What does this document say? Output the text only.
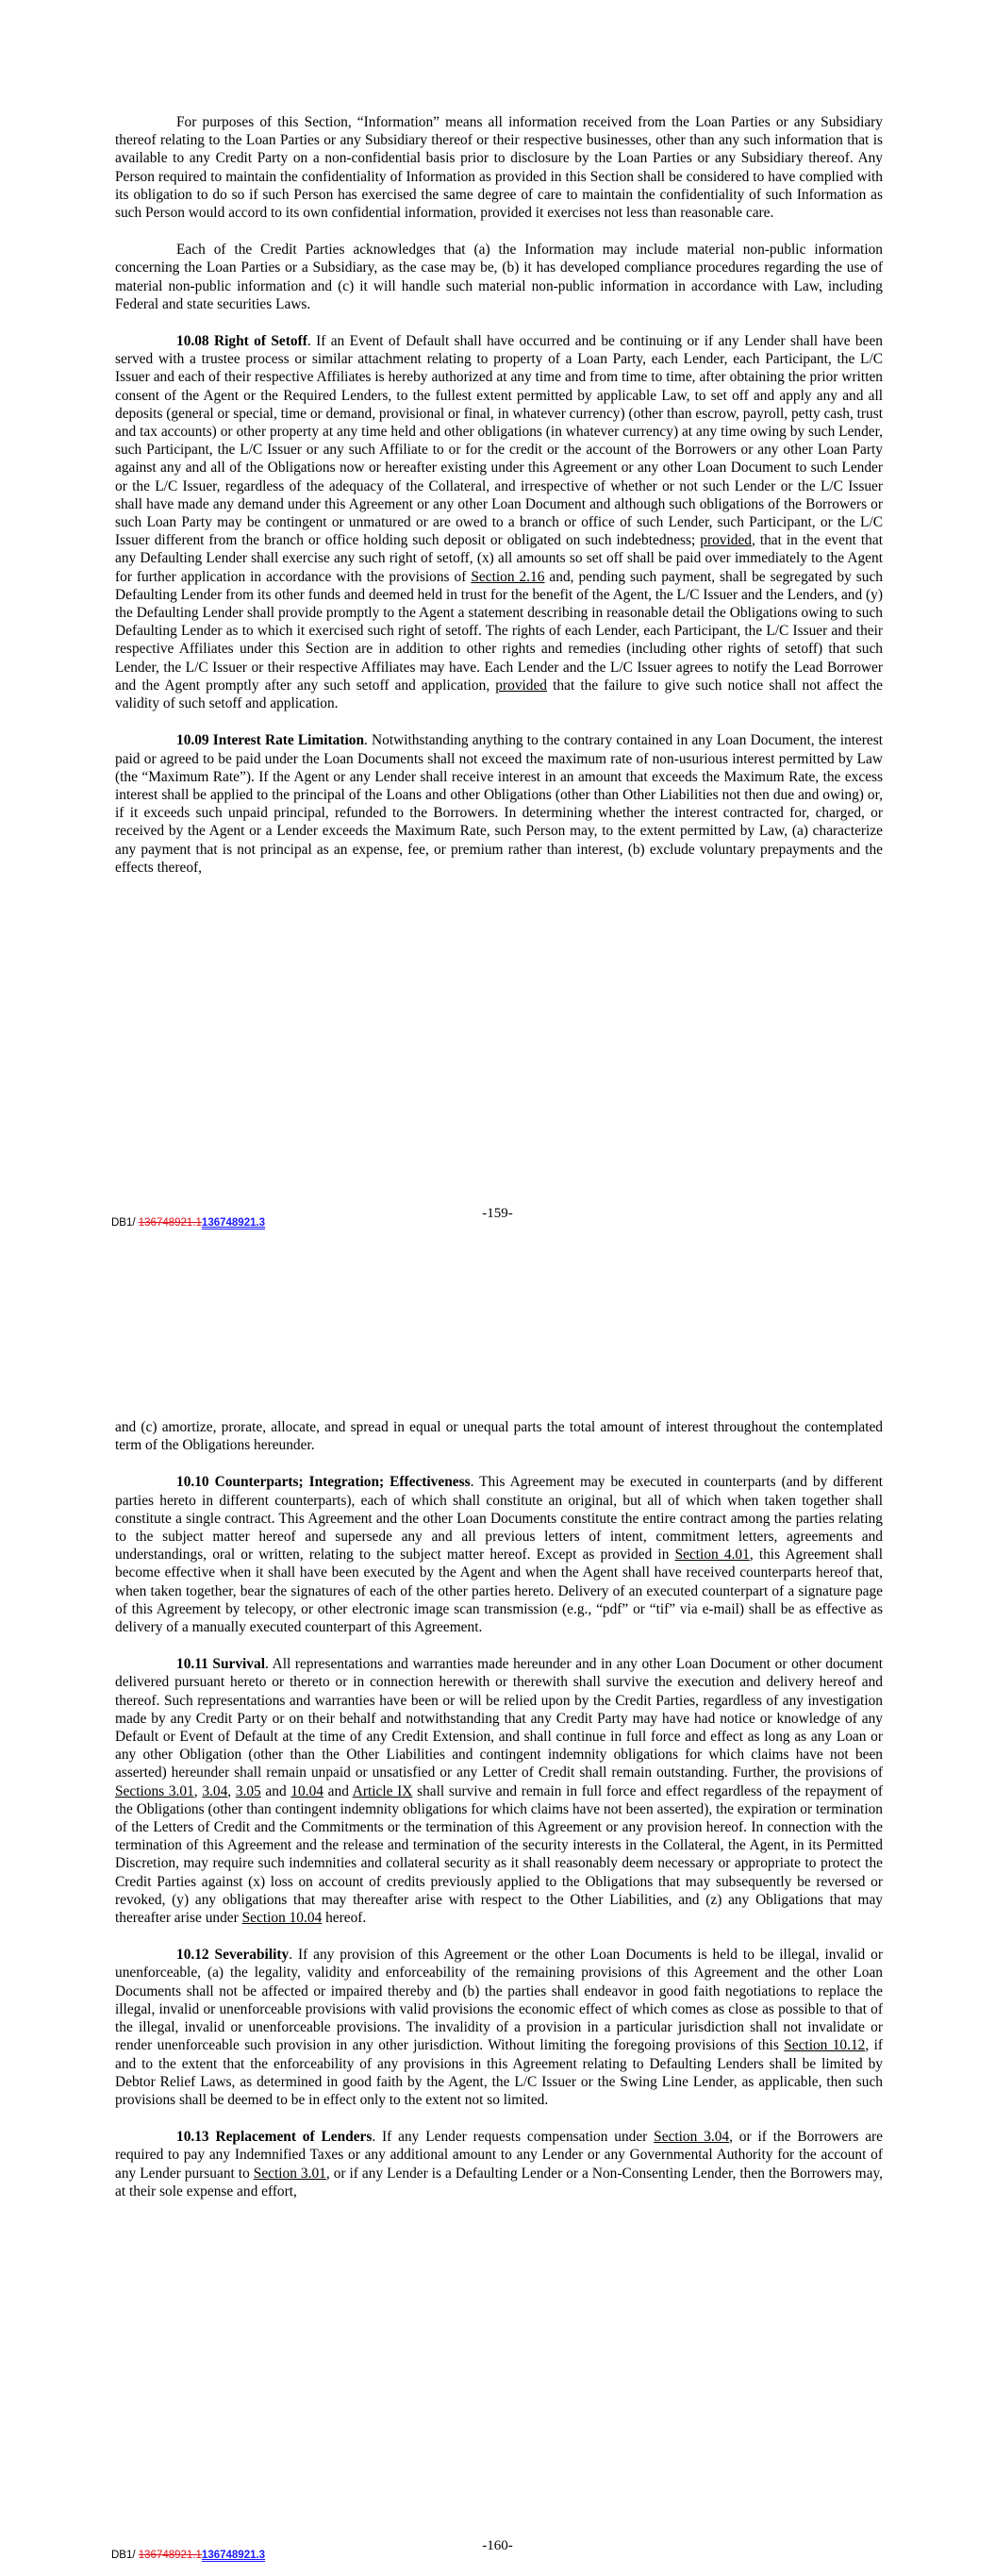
For purposes of this Section, “Information” means all information received from the Loan Parties or any Subsidiary thereof relating to the Loan Parties or any Subsidiary thereof or their respective businesses, other than any such information that is available to any Credit Party on a non-confidential basis prior to disclosure by the Loan Parties or any Subsidiary thereof. Any Person required to maintain the confidentiality of Information as provided in this Section shall be considered to have complied with its obligation to do so if such Person has exercised the same degree of care to maintain the confidentiality of such Information as such Person would accord to its own confidential information, provided it exercises not less than reasonable care.

Each of the Credit Parties acknowledges that (a) the Information may include material non-public information concerning the Loan Parties or a Subsidiary, as the case may be, (b) it has developed compliance procedures regarding the use of material non-public information and (c) it will handle such material non-public information in accordance with Law, including Federal and state securities Laws.

10.08 Right of Setoff. If an Event of Default shall have occurred and be continuing or if any Lender shall have been served with a trustee process or similar attachment relating to property of a Loan Party, each Lender, each Participant, the L/C Issuer and each of their respective Affiliates is hereby authorized at any time and from time to time, after obtaining the prior written consent of the Agent or the Required Lenders, to the fullest extent permitted by applicable Law, to set off and apply any and all deposits (general or special, time or demand, provisional or final, in whatever currency) (other than escrow, payroll, petty cash, trust and tax accounts) or other property at any time held and other obligations (in whatever currency) at any time owing by such Lender, such Participant, the L/C Issuer or any such Affiliate to or for the credit or the account of the Borrowers or any other Loan Party against any and all of the Obligations now or hereafter existing under this Agreement or any other Loan Document to such Lender or the L/C Issuer, regardless of the adequacy of the Collateral, and irrespective of whether or not such Lender or the L/C Issuer shall have made any demand under this Agreement or any other Loan Document and although such obligations of the Borrowers or such Loan Party may be contingent or unmatured or are owed to a branch or office of such Lender, such Participant, or the L/C Issuer different from the branch or office holding such deposit or obligated on such indebtedness; provided, that in the event that any Defaulting Lender shall exercise any such right of setoff, (x) all amounts so set off shall be paid over immediately to the Agent for further application in accordance with the provisions of Section 2.16 and, pending such payment, shall be segregated by such Defaulting Lender from its other funds and deemed held in trust for the benefit of the Agent, the L/C Issuer and the Lenders, and (y) the Defaulting Lender shall provide promptly to the Agent a statement describing in reasonable detail the Obligations owing to such Defaulting Lender as to which it exercised such right of setoff. The rights of each Lender, each Participant, the L/C Issuer and their respective Affiliates under this Section are in addition to other rights and remedies (including other rights of setoff) that such Lender, the L/C Issuer or their respective Affiliates may have. Each Lender and the L/C Issuer agrees to notify the Lead Borrower and the Agent promptly after any such setoff and application, provided that the failure to give such notice shall not affect the validity of such setoff and application.

10.09 Interest Rate Limitation. Notwithstanding anything to the contrary contained in any Loan Document, the interest paid or agreed to be paid under the Loan Documents shall not exceed the maximum rate of non-usurious interest permitted by Law (the “Maximum Rate”). If the Agent or any Lender shall receive interest in an amount that exceeds the Maximum Rate, the excess interest shall be applied to the principal of the Loans and other Obligations (other than Other Liabilities not then due and owing) or, if it exceeds such unpaid principal, refunded to the Borrowers. In determining whether the interest contracted for, charged, or received by the Agent or a Lender exceeds the Maximum Rate, such Person may, to the extent permitted by Law, (a) characterize any payment that is not principal as an expense, fee, or premium rather than interest, (b) exclude voluntary prepayments and the effects thereof,

DB1/ 136748921.1136748921.3
-159-

and (c) amortize, prorate, allocate, and spread in equal or unequal parts the total amount of interest throughout the contemplated term of the Obligations hereunder.

10.10 Counterparts; Integration; Effectiveness. This Agreement may be executed in counterparts (and by different parties hereto in different counterparts), each of which shall constitute an original, but all of which when taken together shall constitute a single contract. This Agreement and the other Loan Documents constitute the entire contract among the parties relating to the subject matter hereof and supersede any and all previous letters of intent, commitment letters, agreements and understandings, oral or written, relating to the subject matter hereof. Except as provided in Section 4.01, this Agreement shall become effective when it shall have been executed by the Agent and when the Agent shall have received counterparts hereof that, when taken together, bear the signatures of each of the other parties hereto. Delivery of an executed counterpart of a signature page of this Agreement by telecopy, or other electronic image scan transmission (e.g., “pdf” or “tif” via e-mail) shall be as effective as delivery of a manually executed counterpart of this Agreement.

10.11 Survival. All representations and warranties made hereunder and in any other Loan Document or other document delivered pursuant hereto or thereto or in connection herewith or therewith shall survive the execution and delivery hereof and thereof. Such representations and warranties have been or will be relied upon by the Credit Parties, regardless of any investigation made by any Credit Party or on their behalf and notwithstanding that any Credit Party may have had notice or knowledge of any Default or Event of Default at the time of any Credit Extension, and shall continue in full force and effect as long as any Loan or any other Obligation (other than the Other Liabilities and contingent indemnity obligations for which claims have not been asserted) hereunder shall remain unpaid or unsatisfied or any Letter of Credit shall remain outstanding. Further, the provisions of Sections 3.01, 3.04, 3.05 and 10.04 and Article IX shall survive and remain in full force and effect regardless of the repayment of the Obligations (other than contingent indemnity obligations for which claims have not been asserted), the expiration or termination of the Letters of Credit and the Commitments or the termination of this Agreement or any provision hereof. In connection with the termination of this Agreement and the release and termination of the security interests in the Collateral, the Agent, in its Permitted Discretion, may require such indemnities and collateral security as it shall reasonably deem necessary or appropriate to protect the Credit Parties against (x) loss on account of credits previously applied to the Obligations that may subsequently be reversed or revoked, (y) any obligations that may thereafter arise with respect to the Other Liabilities, and (z) any Obligations that may thereafter arise under Section 10.04 hereof.

10.12 Severability. If any provision of this Agreement or the other Loan Documents is held to be illegal, invalid or unenforceable, (a) the legality, validity and enforceability of the remaining provisions of this Agreement and the other Loan Documents shall not be affected or impaired thereby and (b) the parties shall endeavor in good faith negotiations to replace the illegal, invalid or unenforceable provisions with valid provisions the economic effect of which comes as close as possible to that of the illegal, invalid or unenforceable provisions. The invalidity of a provision in a particular jurisdiction shall not invalidate or render unenforceable such provision in any other jurisdiction. Without limiting the foregoing provisions of this Section 10.12, if and to the extent that the enforceability of any provisions in this Agreement relating to Defaulting Lenders shall be limited by Debtor Relief Laws, as determined in good faith by the Agent, the L/C Issuer or the Swing Line Lender, as applicable, then such provisions shall be deemed to be in effect only to the extent not so limited.

10.13 Replacement of Lenders. If any Lender requests compensation under Section 3.04, or if the Borrowers are required to pay any Indemnified Taxes or any additional amount to any Lender or any Governmental Authority for the account of any Lender pursuant to Section 3.01, or if any Lender is a Defaulting Lender or a Non-Consenting Lender, then the Borrowers may, at their sole expense and effort,

DB1/ 136748921.1136748921.3
-160-
